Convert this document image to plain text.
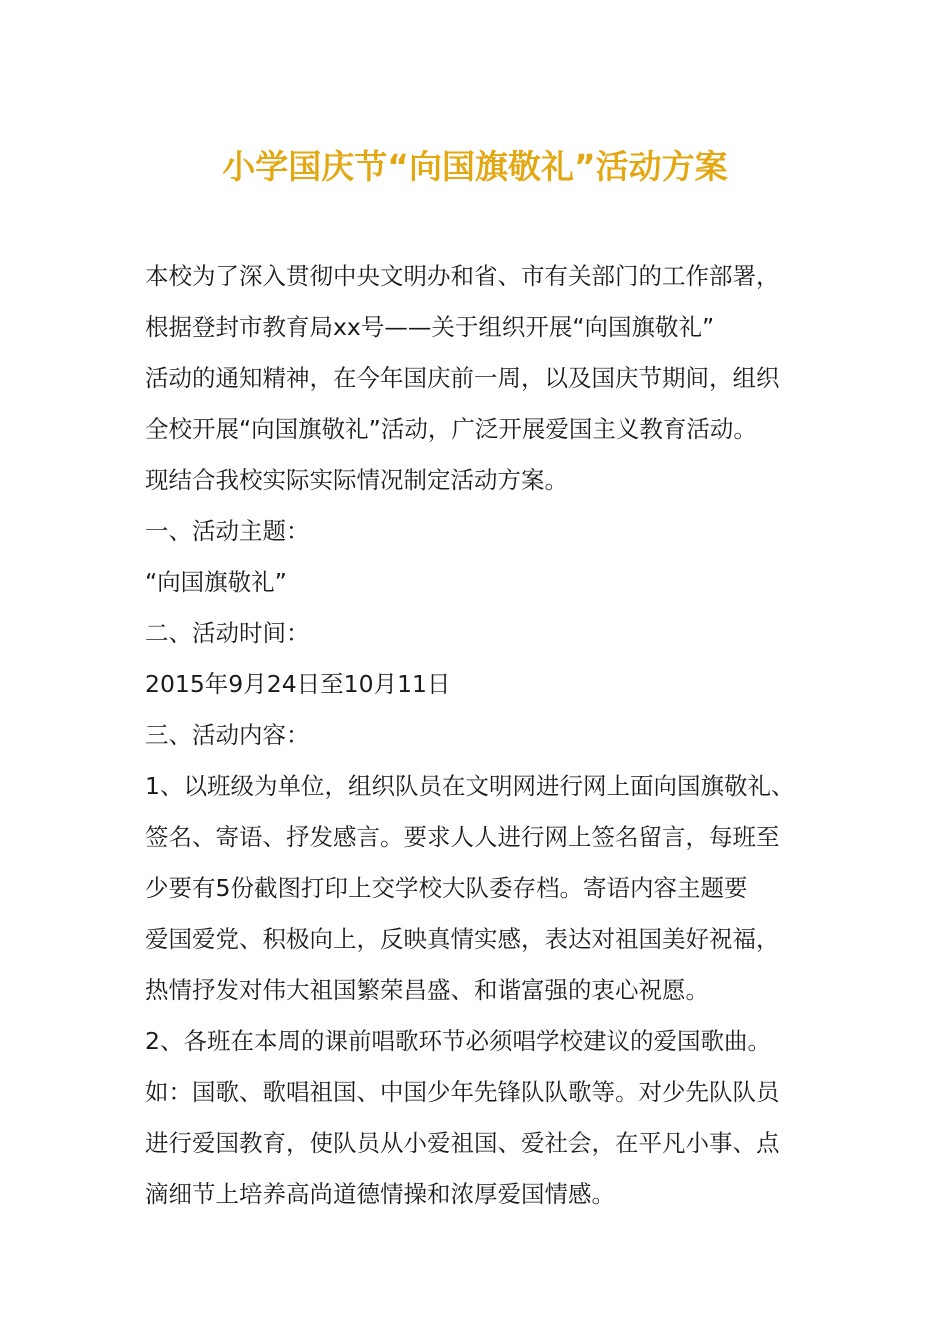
小学国庆节“向国旗敬礼”活动方案
本校为了深入贯彻中央文明办和省、市有关部门的工作部署，
根据登封市教育局xx号——关于组织开展“向国旗敬礼”
活动的通知精神，在今年国庆前一周，以及国庆节期间，组织
全校开展“向国旗敬礼”活动，广泛开展爱国主义教育活动。
现结合我校实际实际情况制定活动方案。
一、活动主题：
“向国旗敬礼”
二、活动时间：
2015年9月24日至10月11日
三、活动内容：
1、以班级为单位，组织队员在文明网进行网上面向国旗敬礼、
签名、寄语、抒发感言。要求人人进行网上签名留言，每班至
少要有5份截图打印上交学校大队委存档。寄语内容主题要
爱国爱党、积极向上，反映真情实感，表达对祖国美好祝福，
热情抒发对伟大祖国繁荣昌盛、和谐富强的衷心祝愿。
2、各班在本周的课前唱歌环节必须唱学校建议的爱国歌曲。
如：国歌、歌唱祖国、中国少年先锋队队歌等。对少先队队员
进行爱国教育，使队员从小爱祖国、爱社会，在平凡小事、点
滴细节上培养高尚道德情操和浓厚爱国情感。
